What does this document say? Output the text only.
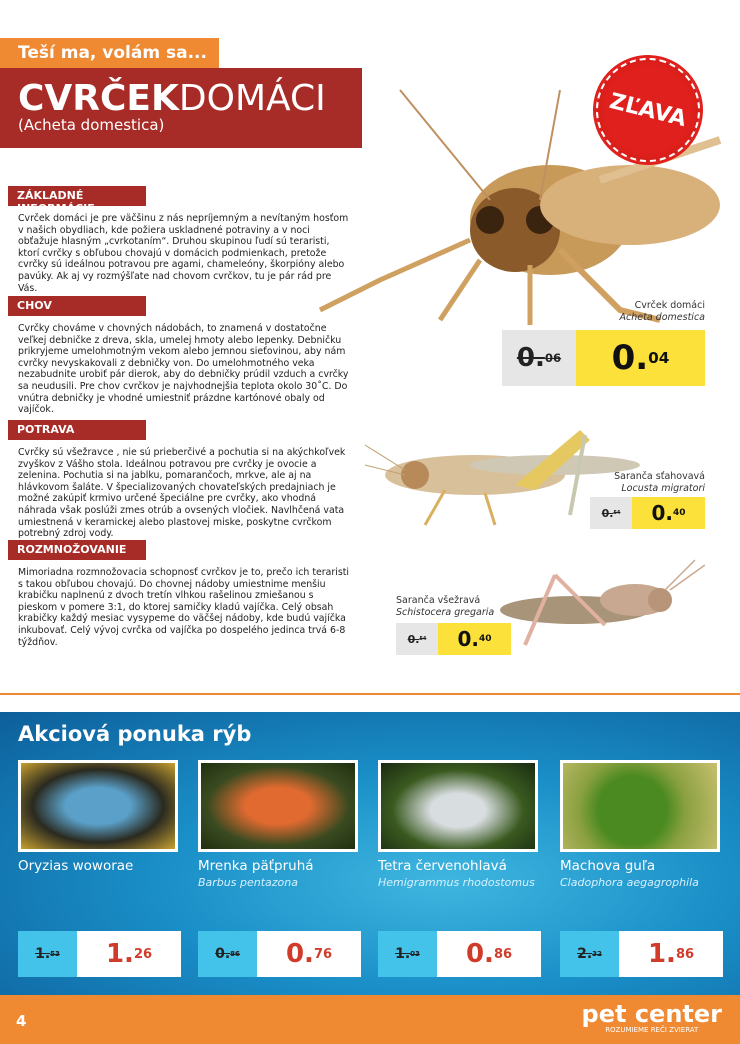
Teší ma, volám sa...
CVRČEKDOMÁCI
(Acheta domestica)	ZĽAVA
ZÁKLADNÉ INFORMÁCIE
Cvrček domáci je pre väčšinu z nás nepríjemným a nevítaným hosťom v našich obydliach, kde požiera uskladnené potraviny a v noci obťažuje hlasným „cvrkotaním“. Druhou skupinou ľudí sú teraristi, ktorí cvrčky s obľubou chovajú v domácich podmienkach, pretože cvrčky sú ideálnou potravou pre agami, chameleóny, škorpióny alebo pavúky. Ak aj vy rozmýšľate nad chovom cvrčkov, tu je pár rád pre Vás.
CHOV
Cvrčky chováme v chovných nádobách, to znamená v dostatočne veľkej debničke z dreva, skla, umelej hmoty alebo lepenky. Debničku prikryjeme umelohmotným vekom alebo jemnou sieťovinou, aby nám cvrčky nevyskakovali z debničky von. Do umelohmotného veka nezabudnite urobiť pár dierok, aby do debničky prúdil vzduch a cvrčky sa neudusili. Pre chov cvrčkov je najvhodnejšia teplota okolo 30˚C. Do vnútra debničky je vhodné umiestniť prázdne kartónové obaly od vajíčok.
POTRAVA
Cvrčky sú všežravce , nie sú prieberčivé a pochutia si na akýchkoľvek zvyškov z Vášho stola. Ideálnou potravou pre cvrčky je ovocie a zelenina. Pochutia si na jablku, pomarančoch, mrkve, ale aj na hlávkovom šaláte. V špecializovaných chovateľských predajniach je možné zakúpiť krmivo určené špeciálne pre cvrčky, ako vhodná náhrada však poslúži zmes otrúb a ovsených vločiek. Navlhčená vata umiestnená v keramickej alebo plastovej miske, poskytne cvrčkom potrebný zdroj vody.
ROZMNOŽOVANIE
Mimoriadna rozmnožovacia schopnosť cvrčkov je to, prečo ich teraristi s takou obľubou chovajú. Do chovnej nádoby umiestnime menšiu krabičku naplnenú z dvoch tretín vlhkou rašelinou zmiešanou s pieskom v pomere 3:1, do ktorej samičky kladú vajíčka. Celý obsah krabičky každý mesiac vysypeme do väčšej nádoby, kde budú vajíčka inkubovať. Celý vývoj cvrčka od vajíčka po dospelého jedinca trvá 6-8 týždňov.
Cvrček domáci
Acheta domestica
0. 06 0. 04
Saranča sťahovavá
Locusta migratori
0. 54 0. 40
Saranča všežravá
Schistocera gregaria
0. 54 0. 40
Akciová ponuka rýb
Oryzias woworae
1. 53 1. 26
Mrenka päťpruhá
Barbus pentazona
0. 86 0. 76
Tetra červenohlavá
Hemigrammus rhodostomus
1. 03 0. 86
Machova guľa
Cladophora aegagrophila
2. 32 1. 86
4	pet center
ROZUMIEME REČI ZVIERAT
